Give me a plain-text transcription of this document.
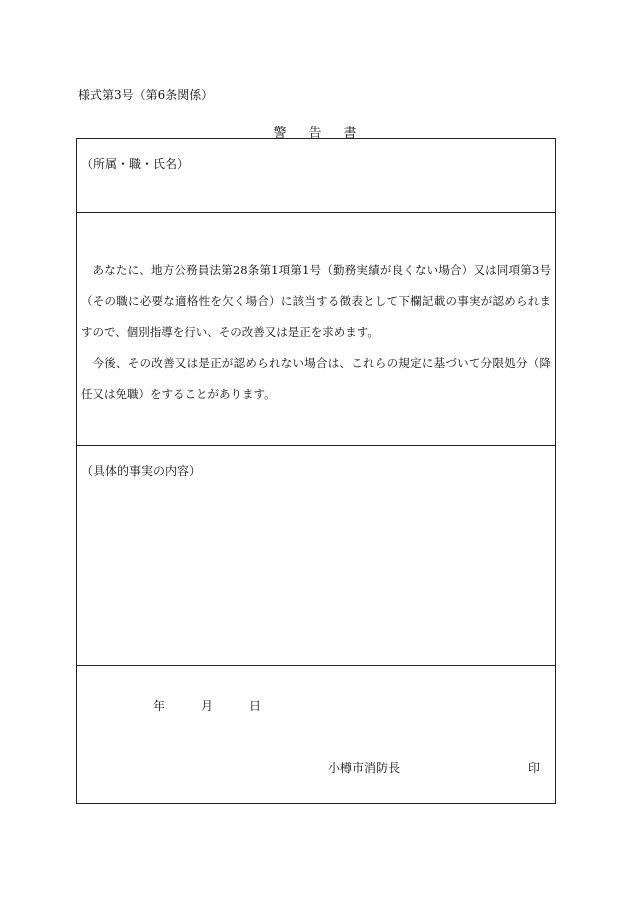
様式第3号（第6条関係）
警告書
（所属・職・氏名）

あなたに、地方公務員法第28条第1項第1号（勤務実績が良くない場合）又は同項第3号（その職に必要な適格性を欠く場合）に該当する徴表として下欄記載の事実が認められますので、個別指導を行い、その改善又は是正を求めます。

今後、その改善又は是正が認められない場合は、これらの規定に基づいて分限処分（降任又は免職）をすることがあります。

（具体的事実の内容）
年	月	日
小樽市消防長	印
